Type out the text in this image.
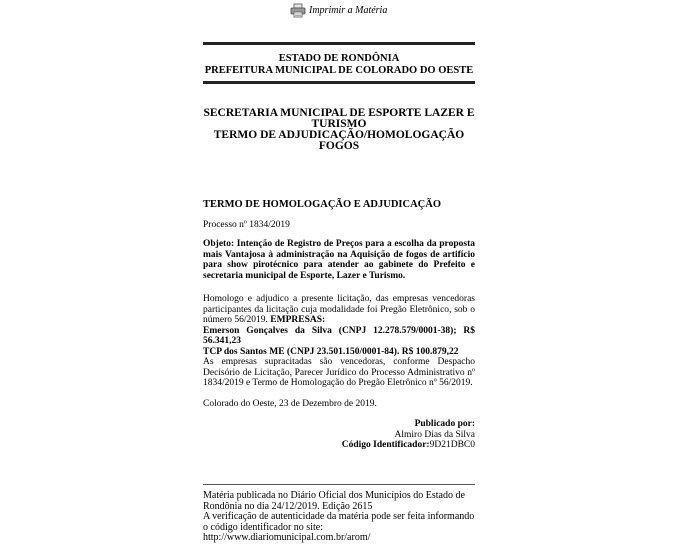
Imprimir a Matéria
ESTADO DE RONDÔNIA
PREFEITURA MUNICIPAL DE COLORADO DO OESTE
SECRETARIA MUNICIPAL DE ESPORTE LAZER E TURISMO
TERMO DE ADJUDICAÇÃO/HOMOLOGAÇÃO FOGOS

TERMO DE HOMOLOGAÇÃO E ADJUDICAÇÃO

Processo nº 1834/2019

Objeto: Intenção de Registro de Preços para a escolha da proposta mais Vantajosa à administração na Aquisição de fogos de artifício para show pirotécnico para atender ao gabinete do Prefeito e secretaria municipal de Esporte, Lazer e Turismo.

Homologo e adjudico a presente licitação, das empresas vencedoras participantes da licitação cuja modalidade foi Pregão Eletrônico, sob o número 56/2019. EMPRESAS:
Emerson Gonçalves da Silva (CNPJ 12.278.579/0001-38); R$ 56.341,23
TCP dos Santos ME (CNPJ 23.501.150/0001-84). R$ 100.879,22
As empresas supracitadas são vencedoras, conforme Despacho Decisório de Licitação, Parecer Jurídico do Processo Administrativo nº 1834/2019 e Termo de Homologação do Pregão Eletrônico nº 56/2019.

Colorado do Oeste, 23 de Dezembro de 2019.

Publicado por:
Almiro Dias da Silva
Código Identificador:9D21DBC0
Matéria publicada no Diário Oficial dos Municípios do Estado de Rondônia no dia 24/12/2019. Edição 2615
A verificação de autenticidade da matéria pode ser feita informando o código identificador no site:
http://www.diariomunicipal.com.br/arom/
